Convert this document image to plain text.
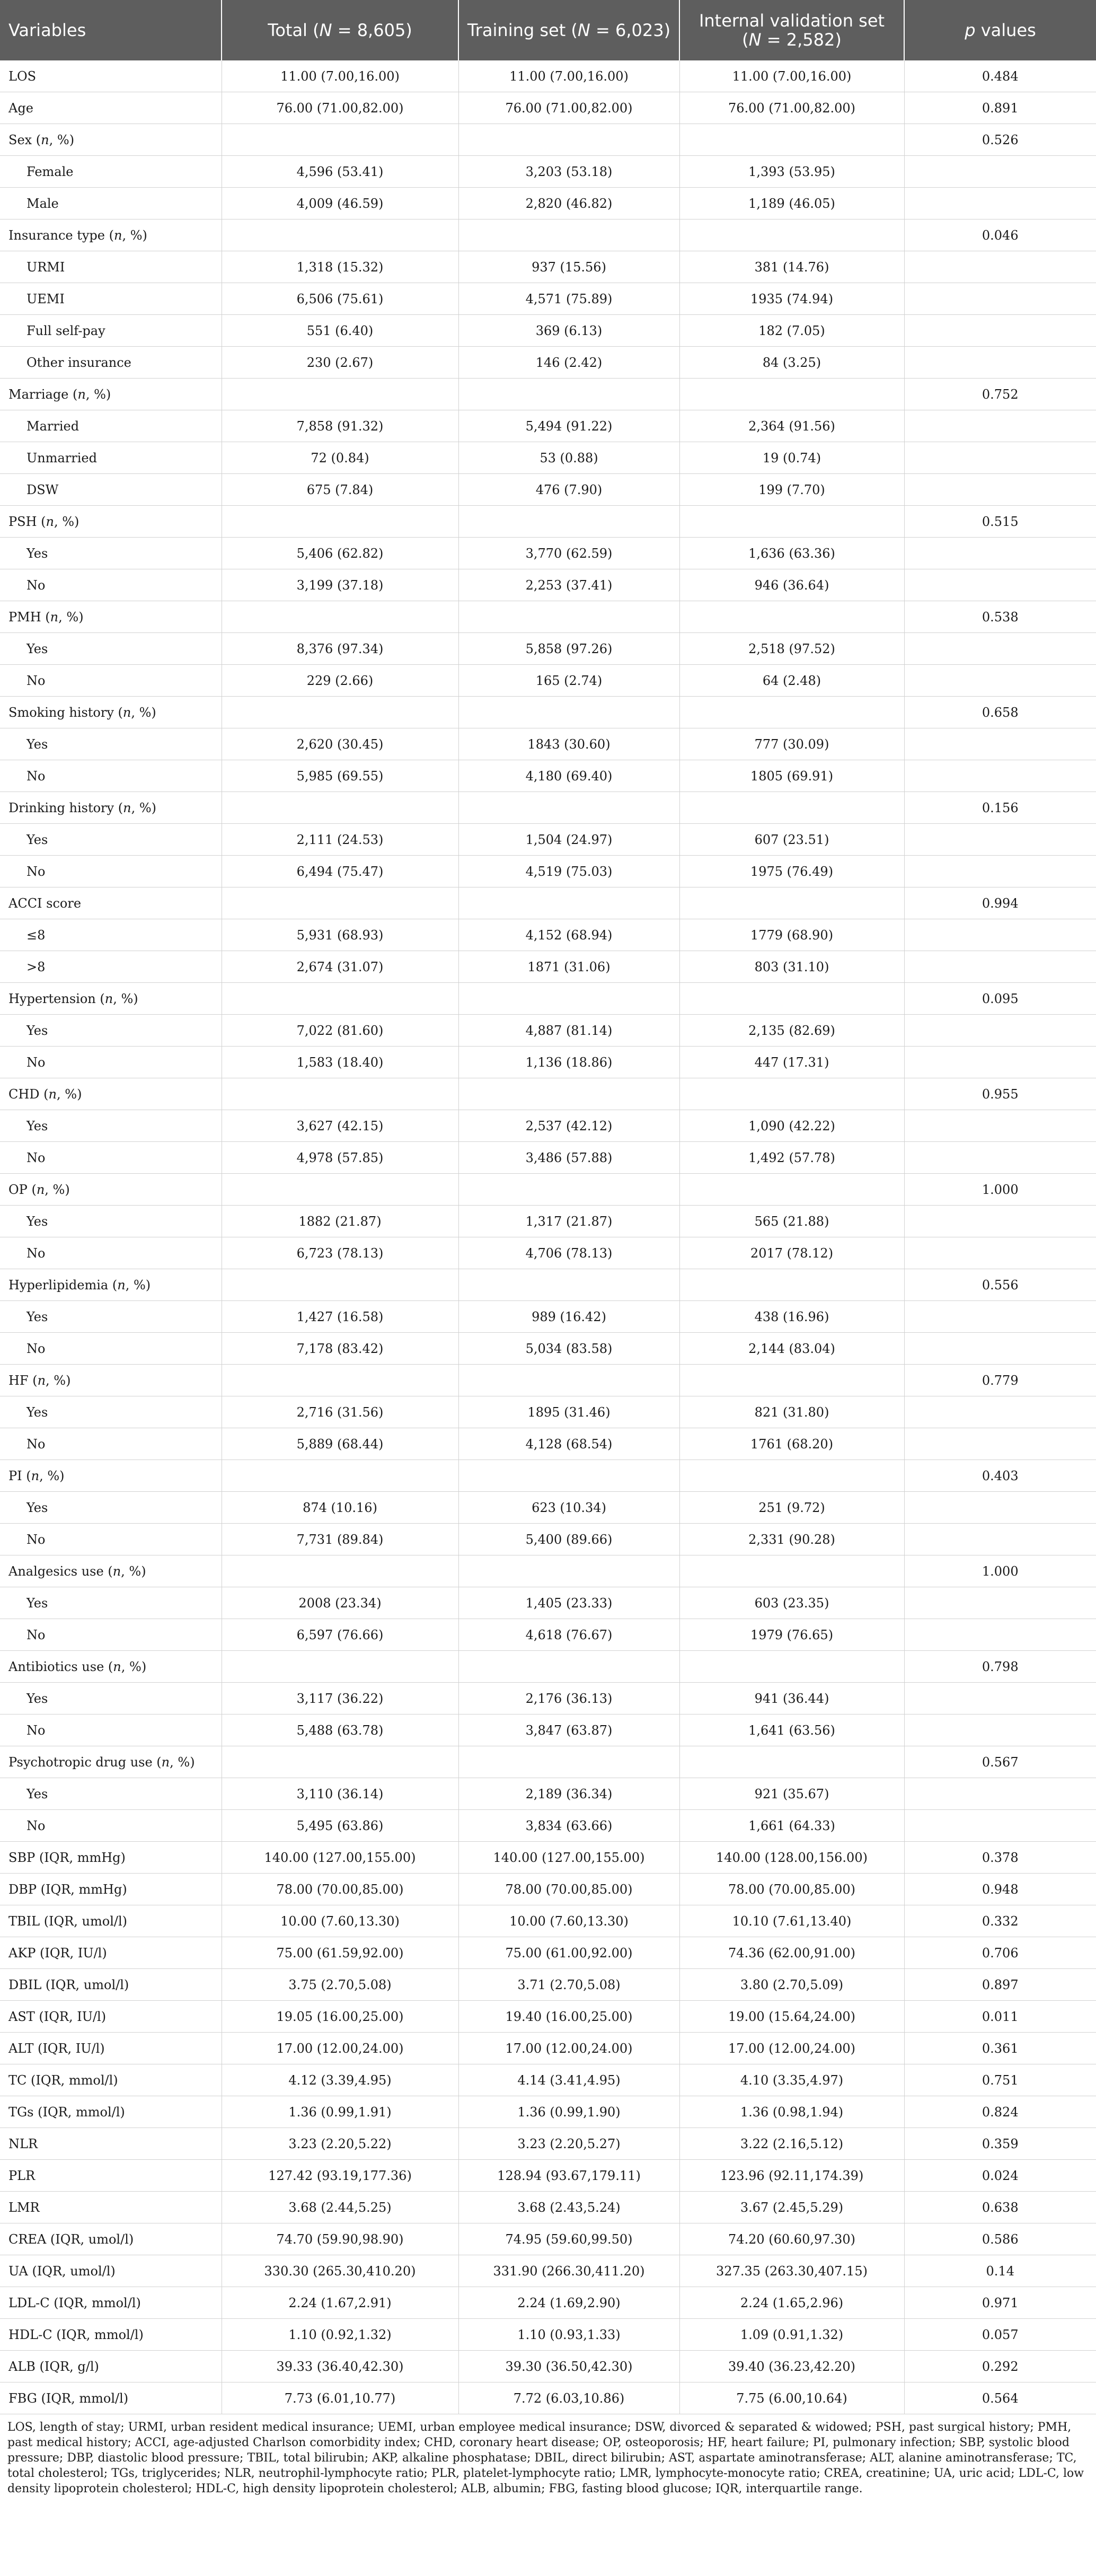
Variables	Total (N = 8,605)	Training set (N = 6,023)	Internal validation set (N = 2,582)	p values
LOS	11.00 (7.00,16.00)	11.00 (7.00,16.00)	11.00 (7.00,16.00)	0.484
Age	76.00 (71.00,82.00)	76.00 (71.00,82.00)	76.00 (71.00,82.00)	0.891
Sex (n, %)				0.526
Female	4,596 (53.41)	3,203 (53.18)	1,393 (53.95)	
Male	4,009 (46.59)	2,820 (46.82)	1,189 (46.05)	
Insurance type (n, %)				0.046
URMI	1,318 (15.32)	937 (15.56)	381 (14.76)	
UEMI	6,506 (75.61)	4,571 (75.89)	1935 (74.94)	
Full self-pay	551 (6.40)	369 (6.13)	182 (7.05)	
Other insurance	230 (2.67)	146 (2.42)	84 (3.25)	
Marriage (n, %)				0.752
Married	7,858 (91.32)	5,494 (91.22)	2,364 (91.56)	
Unmarried	72 (0.84)	53 (0.88)	19 (0.74)	
DSW	675 (7.84)	476 (7.90)	199 (7.70)	
PSH (n, %)				0.515
Yes	5,406 (62.82)	3,770 (62.59)	1,636 (63.36)	
No	3,199 (37.18)	2,253 (37.41)	946 (36.64)	
PMH (n, %)				0.538
Yes	8,376 (97.34)	5,858 (97.26)	2,518 (97.52)	
No	229 (2.66)	165 (2.74)	64 (2.48)	
Smoking history (n, %)				0.658
Yes	2,620 (30.45)	1843 (30.60)	777 (30.09)	
No	5,985 (69.55)	4,180 (69.40)	1805 (69.91)	
Drinking history (n, %)				0.156
Yes	2,111 (24.53)	1,504 (24.97)	607 (23.51)	
No	6,494 (75.47)	4,519 (75.03)	1975 (76.49)	
ACCI score				0.994
≤8	5,931 (68.93)	4,152 (68.94)	1779 (68.90)	
>8	2,674 (31.07)	1871 (31.06)	803 (31.10)	
Hypertension (n, %)				0.095
Yes	7,022 (81.60)	4,887 (81.14)	2,135 (82.69)	
No	1,583 (18.40)	1,136 (18.86)	447 (17.31)	
CHD (n, %)				0.955
Yes	3,627 (42.15)	2,537 (42.12)	1,090 (42.22)	
No	4,978 (57.85)	3,486 (57.88)	1,492 (57.78)	
OP (n, %)				1.000
Yes	1882 (21.87)	1,317 (21.87)	565 (21.88)	
No	6,723 (78.13)	4,706 (78.13)	2017 (78.12)	
Hyperlipidemia (n, %)				0.556
Yes	1,427 (16.58)	989 (16.42)	438 (16.96)	
No	7,178 (83.42)	5,034 (83.58)	2,144 (83.04)	
HF (n, %)				0.779
Yes	2,716 (31.56)	1895 (31.46)	821 (31.80)	
No	5,889 (68.44)	4,128 (68.54)	1761 (68.20)	
PI (n, %)				0.403
Yes	874 (10.16)	623 (10.34)	251 (9.72)	
No	7,731 (89.84)	5,400 (89.66)	2,331 (90.28)	
Analgesics use (n, %)				1.000
Yes	2008 (23.34)	1,405 (23.33)	603 (23.35)	
No	6,597 (76.66)	4,618 (76.67)	1979 (76.65)	
Antibiotics use (n, %)				0.798
Yes	3,117 (36.22)	2,176 (36.13)	941 (36.44)	
No	5,488 (63.78)	3,847 (63.87)	1,641 (63.56)	
Psychotropic drug use (n, %)				0.567
Yes	3,110 (36.14)	2,189 (36.34)	921 (35.67)	
No	5,495 (63.86)	3,834 (63.66)	1,661 (64.33)	
SBP (IQR, mmHg)	140.00 (127.00,155.00)	140.00 (127.00,155.00)	140.00 (128.00,156.00)	0.378
DBP (IQR, mmHg)	78.00 (70.00,85.00)	78.00 (70.00,85.00)	78.00 (70.00,85.00)	0.948
TBIL (IQR, umol/l)	10.00 (7.60,13.30)	10.00 (7.60,13.30)	10.10 (7.61,13.40)	0.332
AKP (IQR, IU/l)	75.00 (61.59,92.00)	75.00 (61.00,92.00)	74.36 (62.00,91.00)	0.706
DBIL (IQR, umol/l)	3.75 (2.70,5.08)	3.71 (2.70,5.08)	3.80 (2.70,5.09)	0.897
AST (IQR, IU/l)	19.05 (16.00,25.00)	19.40 (16.00,25.00)	19.00 (15.64,24.00)	0.011
ALT (IQR, IU/l)	17.00 (12.00,24.00)	17.00 (12.00,24.00)	17.00 (12.00,24.00)	0.361
TC (IQR, mmol/l)	4.12 (3.39,4.95)	4.14 (3.41,4.95)	4.10 (3.35,4.97)	0.751
TGs (IQR, mmol/l)	1.36 (0.99,1.91)	1.36 (0.99,1.90)	1.36 (0.98,1.94)	0.824
NLR	3.23 (2.20,5.22)	3.23 (2.20,5.27)	3.22 (2.16,5.12)	0.359
PLR	127.42 (93.19,177.36)	128.94 (93.67,179.11)	123.96 (92.11,174.39)	0.024
LMR	3.68 (2.44,5.25)	3.68 (2.43,5.24)	3.67 (2.45,5.29)	0.638
CREA (IQR, umol/l)	74.70 (59.90,98.90)	74.95 (59.60,99.50)	74.20 (60.60,97.30)	0.586
UA (IQR, umol/l)	330.30 (265.30,410.20)	331.90 (266.30,411.20)	327.35 (263.30,407.15)	0.14
LDL-C (IQR, mmol/l)	2.24 (1.67,2.91)	2.24 (1.69,2.90)	2.24 (1.65,2.96)	0.971
HDL-C (IQR, mmol/l)	1.10 (0.92,1.32)	1.10 (0.93,1.33)	1.09 (0.91,1.32)	0.057
ALB (IQR, g/l)	39.33 (36.40,42.30)	39.30 (36.50,42.30)	39.40 (36.23,42.20)	0.292
FBG (IQR, mmol/l)	7.73 (6.01,10.77)	7.72 (6.03,10.86)	7.75 (6.00,10.64)	0.564
LOS, length of stay; URMI, urban resident medical insurance; UEMI, urban employee medical insurance; DSW, divorced & separated & widowed; PSH, past surgical history; PMH, past medical history; ACCI, age-adjusted Charlson comorbidity index; CHD, coronary heart disease; OP, osteoporosis; HF, heart failure; PI, pulmonary infection; SBP, systolic blood pressure; DBP, diastolic blood pressure; TBIL, total bilirubin; AKP, alkaline phosphatase; DBIL, direct bilirubin; AST, aspartate aminotransferase; ALT, alanine aminotransferase; TC, total cholesterol; TGs, triglycerides; NLR, neutrophil-lymphocyte ratio; PLR, platelet-lymphocyte ratio; LMR, lymphocyte-monocyte ratio; CREA, creatinine; UA, uric acid; LDL-C, low density lipoprotein cholesterol; HDL-C, high density lipoprotein cholesterol; ALB, albumin; FBG, fasting blood glucose; IQR, interquartile range.
